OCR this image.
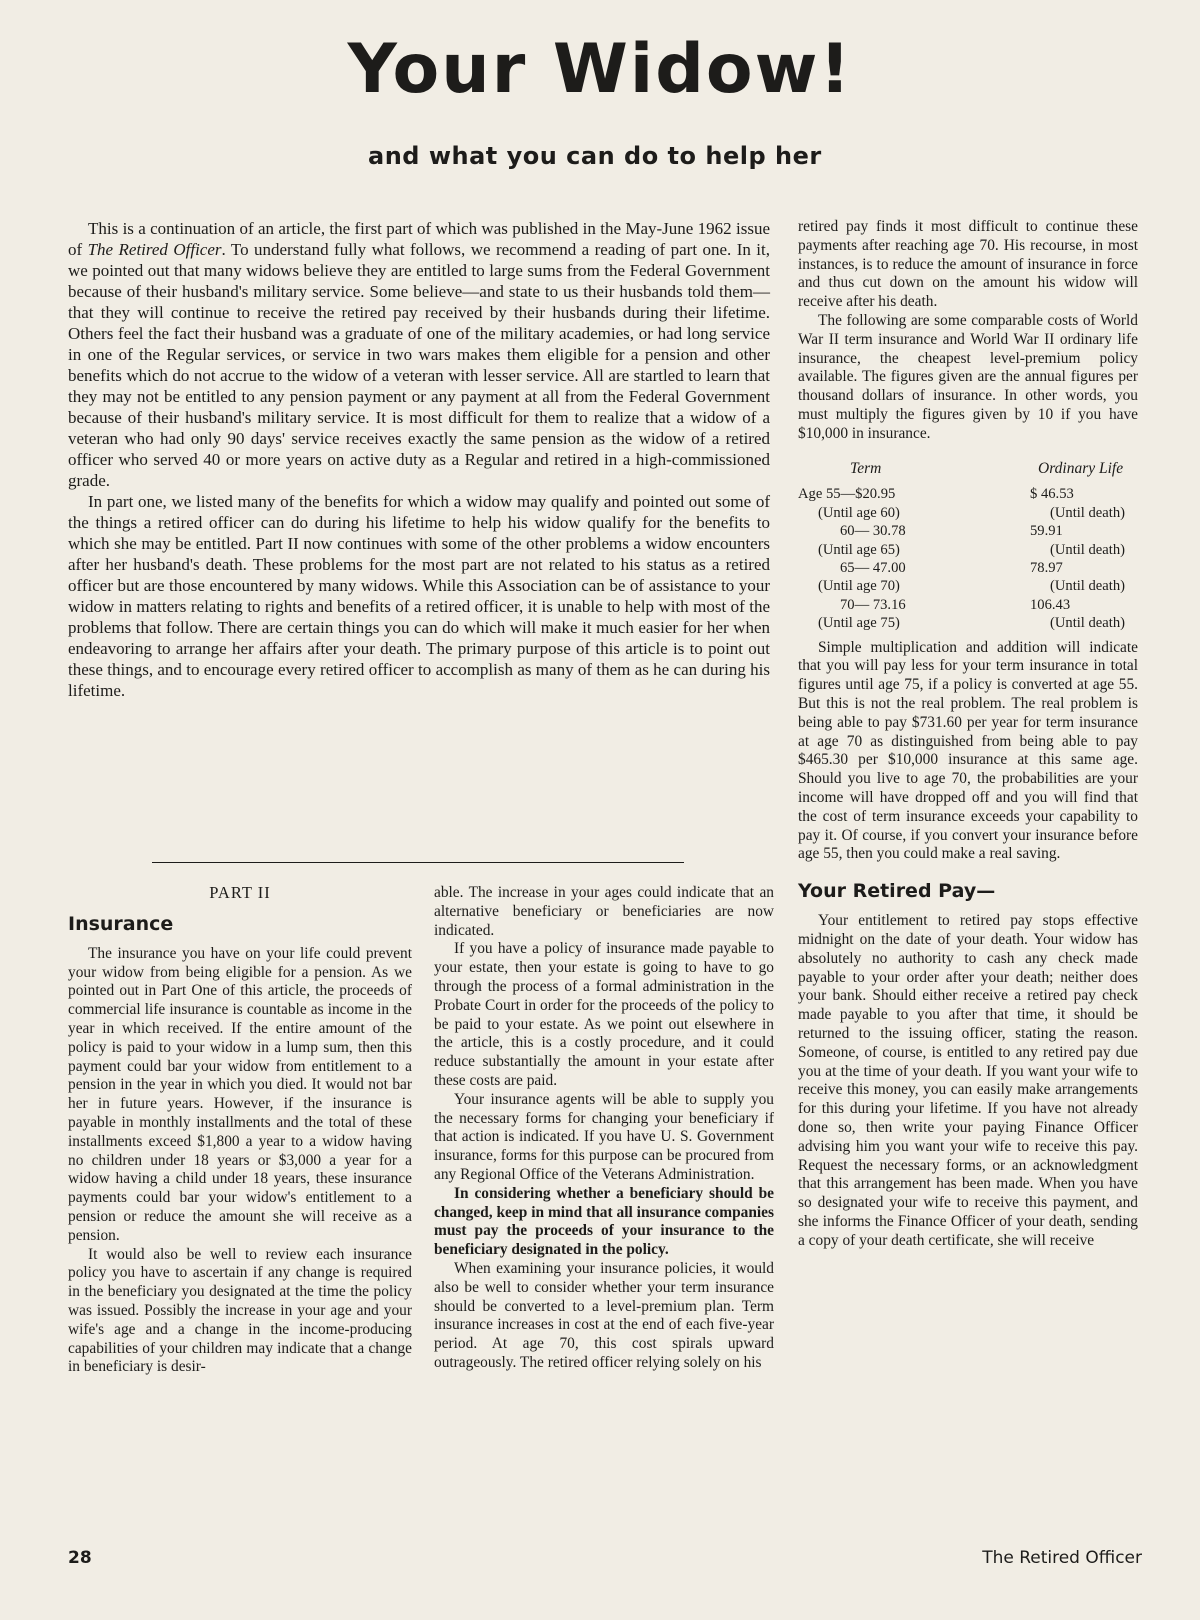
Your Widow!
and what you can do to help her

This is a continuation of an article, the first part of which was published in the May-June 1962 issue of The Retired Officer. To understand fully what follows, we recommend a reading of part one. In it, we pointed out that many widows believe they are entitled to large sums from the Federal Government because of their husband's military service. Some believe—and state to us their husbands told them—that they will continue to receive the retired pay received by their husbands during their lifetime. Others feel the fact their husband was a graduate of one of the military academies, or had long service in one of the Regular services, or service in two wars makes them eligible for a pension and other benefits which do not accrue to the widow of a veteran with lesser service. All are startled to learn that they may not be entitled to any pension payment or any payment at all from the Federal Government because of their husband's military service. It is most difficult for them to realize that a widow of a veteran who had only 90 days' service receives exactly the same pension as the widow of a retired officer who served 40 or more years on active duty as a Regular and retired in a high-commissioned grade.

In part one, we listed many of the benefits for which a widow may qualify and pointed out some of the things a retired officer can do during his lifetime to help his widow qualify for the benefits to which she may be entitled. Part II now continues with some of the other problems a widow encounters after her husband's death. These problems for the most part are not related to his status as a retired officer but are those encountered by many widows. While this Association can be of assistance to your widow in matters relating to rights and benefits of a retired officer, it is unable to help with most of the problems that follow. There are certain things you can do which will make it much easier for her when endeavoring to arrange her affairs after your death. The primary purpose of this article is to point out these things, and to encourage every retired officer to accomplish as many of them as he can during his lifetime.

PART II
Insurance

The insurance you have on your life could prevent your widow from being eligible for a pension. As we pointed out in Part One of this article, the proceeds of commercial life insurance is countable as income in the year in which received. If the entire amount of the policy is paid to your widow in a lump sum, then this payment could bar your widow from entitlement to a pension in the year in which you died. It would not bar her in future years. However, if the insurance is payable in monthly installments and the total of these installments exceed $1,800 a year to a widow having no children under 18 years or $3,000 a year for a widow having a child under 18 years, these insurance payments could bar your widow's entitlement to a pension or reduce the amount she will receive as a pension.

It would also be well to review each insurance policy you have to ascertain if any change is required in the beneficiary you designated at the time the policy was issued. Possibly the increase in your age and your wife's age and a change in the income-producing capabilities of your children may indicate that a change in beneficiary is desir-

able. The increase in your ages could indicate that an alternative beneficiary or beneficiaries are now indicated.

If you have a policy of insurance made payable to your estate, then your estate is going to have to go through the process of a formal administration in the Probate Court in order for the proceeds of the policy to be paid to your estate. As we point out elsewhere in the article, this is a costly procedure, and it could reduce substantially the amount in your estate after these costs are paid.

Your insurance agents will be able to supply you the necessary forms for changing your beneficiary if that action is indicated. If you have U. S. Government insurance, forms for this purpose can be procured from any Regional Office of the Veterans Administration.

In considering whether a beneficiary should be changed, keep in mind that all insurance companies must pay the proceeds of your insurance to the beneficiary designated in the policy.

When examining your insurance policies, it would also be well to consider whether your term insurance should be converted to a level-premium plan. Term insurance increases in cost at the end of each five-year period. At age 70, this cost spirals upward outrageously. The retired officer relying solely on his

retired pay finds it most difficult to continue these payments after reaching age 70. His recourse, in most instances, is to reduce the amount of insurance in force and thus cut down on the amount his widow will receive after his death.

The following are some comparable costs of World War II term insurance and World War II ordinary life insurance, the cheapest level-premium policy available. The figures given are the annual figures per thousand dollars of insurance. In other words, you must multiply the figures given by 10 if you have $10,000 in insurance.

Term	Ordinary Life
Age 55—$20.95	$ 46.53
(Until age 60)	(Until death)
60— 30.78	59.91
(Until age 65)	(Until death)
65— 47.00	78.97
(Until age 70)	(Until death)
70— 73.16	106.43
(Until age 75)	(Until death)

Simple multiplication and addition will indicate that you will pay less for your term insurance in total figures until age 75, if a policy is converted at age 55. But this is not the real problem. The real problem is being able to pay $731.60 per year for term insurance at age 70 as distinguished from being able to pay $465.30 per $10,000 insurance at this same age. Should you live to age 70, the probabilities are your income will have dropped off and you will find that the cost of term insurance exceeds your capability to pay it. Of course, if you convert your insurance before age 55, then you could make a real saving.

Your Retired Pay—

Your entitlement to retired pay stops effective midnight on the date of your death. Your widow has absolutely no authority to cash any check made payable to your order after your death; neither does your bank. Should either receive a retired pay check made payable to you after that time, it should be returned to the issuing officer, stating the reason. Someone, of course, is entitled to any retired pay due you at the time of your death. If you want your wife to receive this money, you can easily make arrangements for this during your lifetime. If you have not already done so, then write your paying Finance Officer advising him you want your wife to receive this pay. Request the necessary forms, or an acknowledgment that this arrangement has been made. When you have so designated your wife to receive this payment, and she informs the Finance Officer of your death, sending a copy of your death certificate, she will receive

28	The Retired Officer
